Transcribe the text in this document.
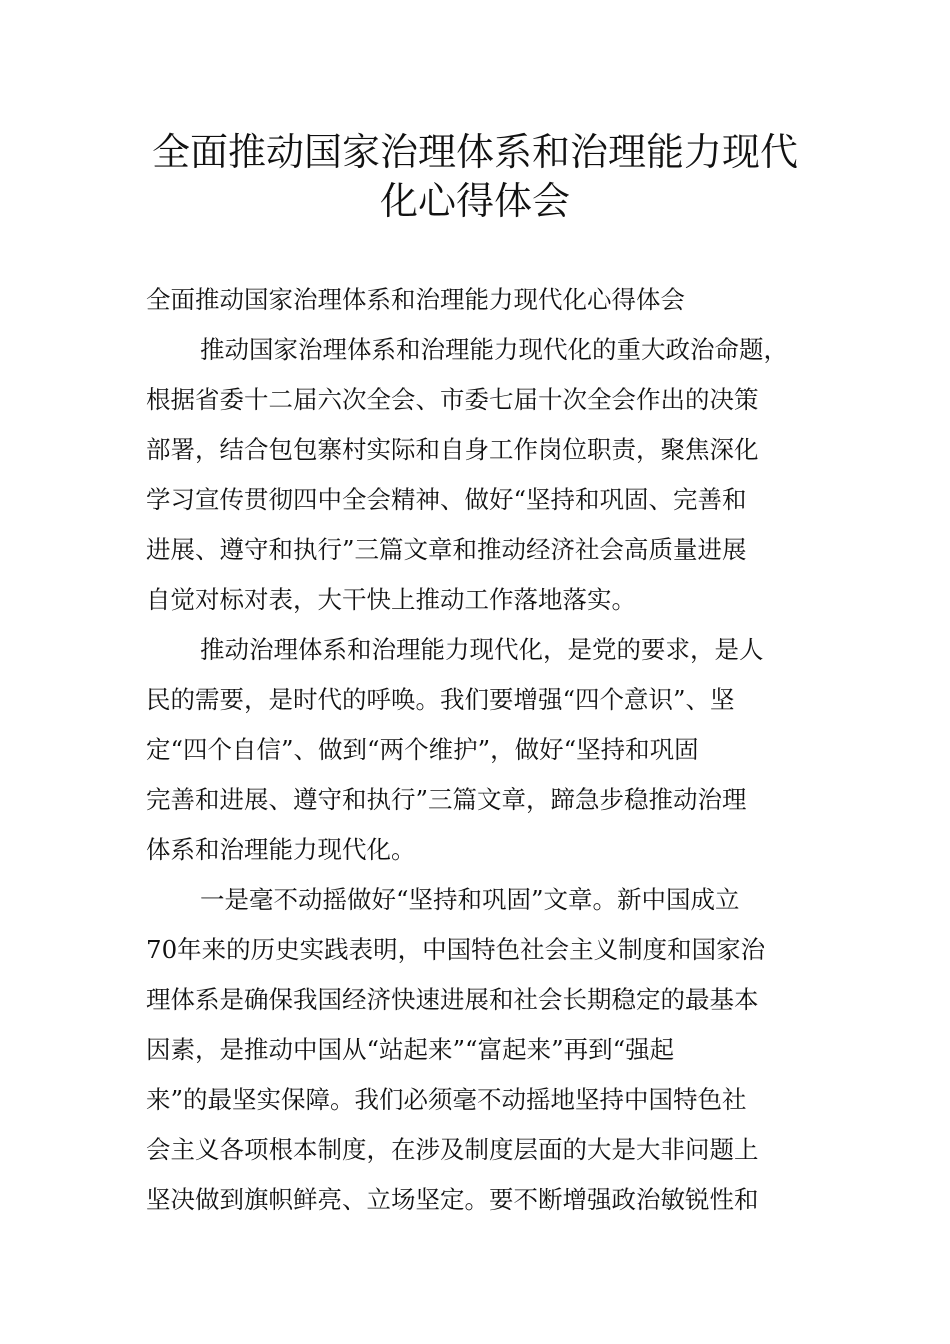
全面推动国家治理体系和治理能力现代
化心得体会
全面推动国家治理体系和治理能力现代化心得体会
推动国家治理体系和治理能力现代化的重大政治命题，
根据省委十二届六次全会、市委七届十次全会作出的决策
部署，结合包包寨村实际和自身工作岗位职责，聚焦深化
学习宣传贯彻四中全会精神、做好“坚持和巩固、完善和
进展、遵守和执行”三篇文章和推动经济社会高质量进展
自觉对标对表，大干快上推动工作落地落实。
推动治理体系和治理能力现代化，是党的要求，是人
民的需要，是时代的呼唤。我们要增强“四个意识”、坚
定“四个自信”、做到“两个维护”，做好“坚持和巩固
完善和进展、遵守和执行”三篇文章，蹄急步稳推动治理
体系和治理能力现代化。
一是毫不动摇做好“坚持和巩固”文章。新中国成立
70年来的历史实践表明，中国特色社会主义制度和国家治
理体系是确保我国经济快速进展和社会长期稳定的最基本
因素，是推动中国从“站起来”“富起来”再到“强起
来”的最坚实保障。我们必须毫不动摇地坚持中国特色社
会主义各项根本制度，在涉及制度层面的大是大非问题上
坚决做到旗帜鲜亮、立场坚定。要不断增强政治敏锐性和
